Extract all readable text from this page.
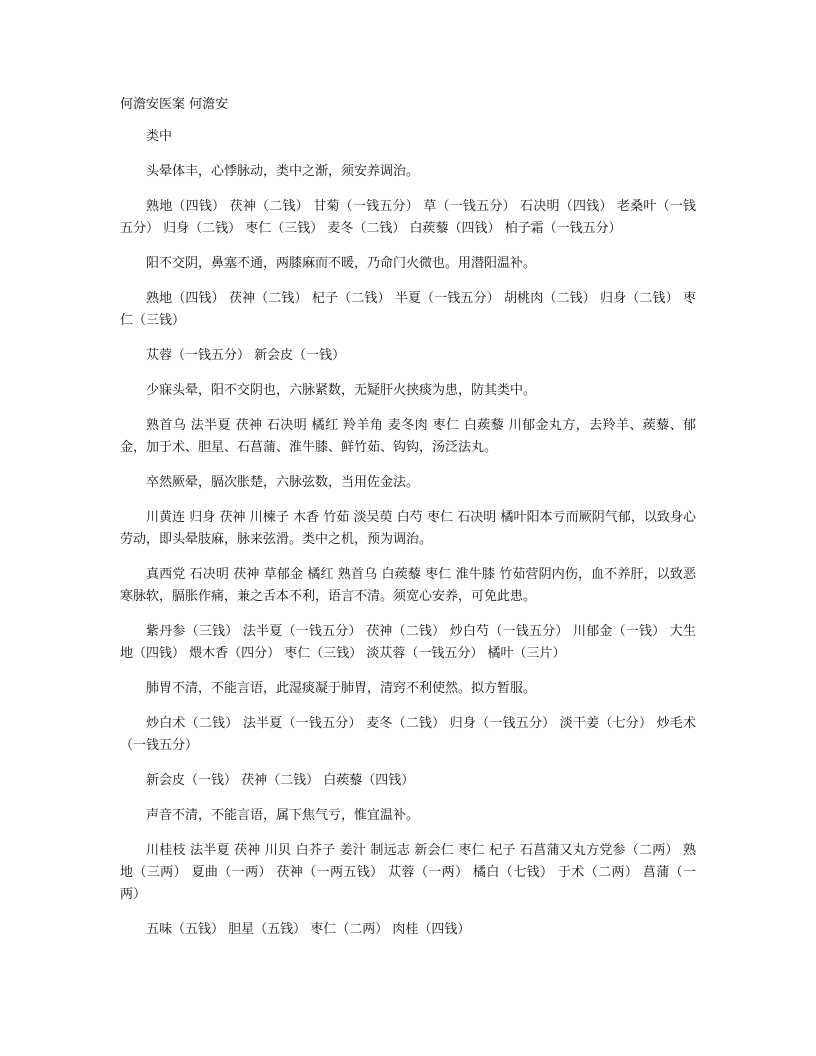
何澹安医案 何澹安

类中

头晕体丰，心悸脉动，类中之渐，须安养调治。

熟地（四钱） 茯神（二钱） 甘菊（一钱五分） 草（一钱五分） 石决明（四钱） 老桑叶（一钱五分） 归身（二钱） 枣仁（三钱） 麦冬（二钱） 白蒺藜（四钱） 柏子霜（一钱五分）

阳不交阴，鼻塞不通，两膝麻而不暖，乃命门火微也。用潜阳温补。

熟地（四钱） 茯神（二钱） 杞子（二钱） 半夏（一钱五分） 胡桃肉（二钱） 归身（二钱） 枣仁（三钱）

苁蓉（一钱五分） 新会皮（一钱）

少寐头晕，阳不交阴也，六脉紧数，无疑肝火挟痰为患，防其类中。

熟首乌 法半夏 茯神 石决明 橘红 羚羊角 麦冬肉 枣仁 白蒺藜 川郁金丸方，去羚羊、蒺藜、郁金，加于术、胆星、石菖蒲、淮牛膝、鲜竹茹、钩钩，汤泛法丸。

卒然厥晕，膈次胀楚，六脉弦数，当用佐金法。

川黄连 归身 茯神 川楝子 木香 竹茹 淡吴萸 白芍 枣仁 石决明 橘叶阳本亏而厥阴气郁，以致身心劳动，即头晕肢麻，脉来弦滑。类中之机，预为调治。

真西党 石决明 茯神 草郁金 橘红 熟首乌 白蒺藜 枣仁 淮牛膝 竹茹营阴内伤，血不养肝，以致恶寒脉软，膈胀作痛，兼之舌本不利，语言不清。须宽心安养，可免此患。

紫丹参（三钱） 法半夏（一钱五分） 茯神（二钱） 炒白芍（一钱五分） 川郁金（一钱） 大生地（四钱） 煨木香（四分） 枣仁（三钱） 淡苁蓉（一钱五分） 橘叶（三片）

肺胃不清，不能言语，此湿痰凝于肺胃，清窍不利使然。拟方暂服。

炒白术（二钱） 法半夏（一钱五分） 麦冬（二钱） 归身（一钱五分） 淡干姜（七分） 炒毛术（一钱五分）

新会皮（一钱） 茯神（二钱） 白蒺藜（四钱）

声音不清，不能言语，属下焦气亏，惟宜温补。

川桂枝 法半夏 茯神 川贝 白芥子 姜汁 制远志 新会仁 枣仁 杞子 石菖蒲又丸方党参（二两） 熟地（三两） 夏曲（一两） 茯神（一两五钱） 苁蓉（一两） 橘白（七钱） 于术（二两） 菖蒲（一两）

五味（五钱） 胆星（五钱） 枣仁（二两） 肉桂（四钱）
